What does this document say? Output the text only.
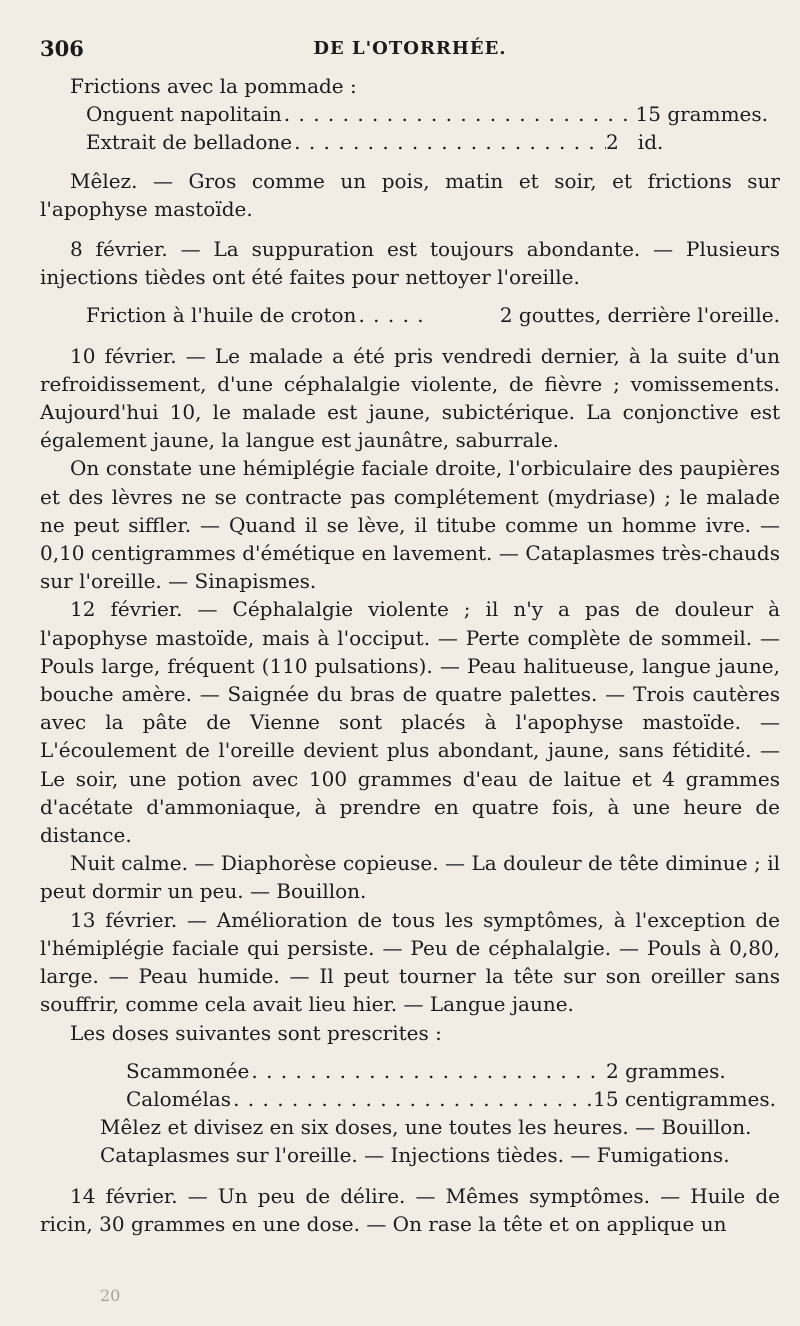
306	DE L'OTORRHÉE.

Frictions avec la pommade :

Onguent napolitain . . .	15 grammes.
Extrait de belladone . . .	2   id.

Mêlez. — Gros comme un pois, matin et soir, et frictions sur l'apophyse mastoïde.

8 février. — La suppuration est toujours abondante. — Plusieurs injections tièdes ont été faites pour nettoyer l'oreille.

Friction à l'huile de croton . . .	2 gouttes, derrière l'oreille.

10 février. — Le malade a été pris vendredi dernier, à la suite d'un refroidissement, d'une céphalalgie violente, de fièvre ; vomissements. Aujourd'hui 10, le malade est jaune, subictérique. La conjonctive est également jaune, la langue est jaunâtre, saburrale.

On constate une hémiplégie faciale droite, l'orbiculaire des paupières et des lèvres ne se contracte pas complétement (mydriase) ; le malade ne peut siffler. — Quand il se lève, il titube comme un homme ivre. — 0,10 centigrammes d'émétique en lavement. — Cataplasmes très-chauds sur l'oreille. — Sinapismes.

12 février. — Céphalalgie violente ; il n'y a pas de douleur à l'apophyse mastoïde, mais à l'occiput. — Perte complète de sommeil. — Pouls large, fréquent (110 pulsations). — Peau halitueuse, langue jaune, bouche amère. — Saignée du bras de quatre palettes. — Trois cautères avec la pâte de Vienne sont placés à l'apophyse mastoïde. — L'écoulement de l'oreille devient plus abondant, jaune, sans fétidité. — Le soir, une potion avec 100 grammes d'eau de laitue et 4 grammes d'acétate d'ammoniaque, à prendre en quatre fois, à une heure de distance.

Nuit calme. — Diaphorèse copieuse. — La douleur de tête diminue ; il peut dormir un peu. — Bouillon.

13 février. — Amélioration de tous les symptômes, à l'exception de l'hémiplégie faciale qui persiste. — Peu de céphalalgie. — Pouls à 0,80, large. — Peau humide. — Il peut tourner la tête sur son oreiller sans souffrir, comme cela avait lieu hier. — Langue jaune.

Les doses suivantes sont prescrites :

Scammonée . . .	2 grammes.
Calomélas . . .	15 centigrammes.
Mêlez et divisez en six doses, une toutes les heures. — Bouillon.
Cataplasmes sur l'oreille. — Injections tièdes. — Fumigations.

14 février. — Un peu de délire. — Mêmes symptômes. — Huile de ricin, 30 grammes en une dose. — On rase la tête et on applique un

20
